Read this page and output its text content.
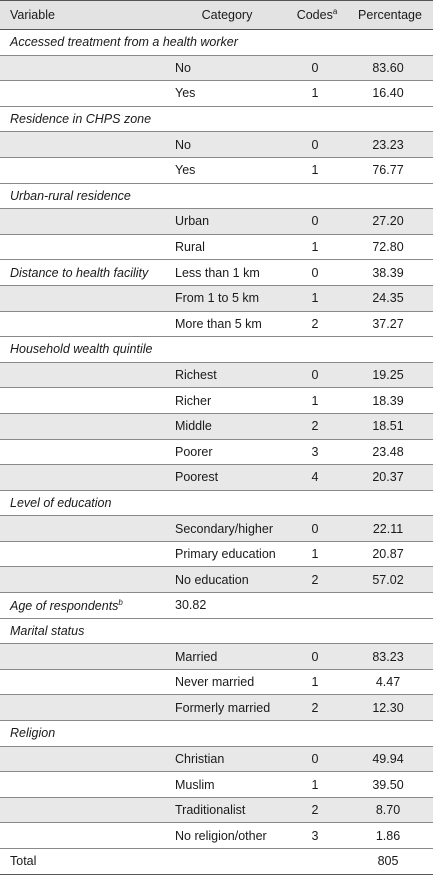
Variable	Category	Codes$^a$	Percentage
Accessed treatment from a health worker			
	No	0	83.60
	Yes	1	16.40
Residence in CHPS zone			
	No	0	23.23
	Yes	1	76.77
Urban-rural residence			
	Urban	0	27.20
	Rural	1	72.80
Distance to health facility	Less than 1 km	0	38.39
	From 1 to 5 km	1	24.35
	More than 5 km	2	37.27
Household wealth quintile			
	Richest	0	19.25
	Richer	1	18.39
	Middle	2	18.51
	Poorer	3	23.48
	Poorest	4	20.37
Level of education			
	Secondary/higher	0	22.11
	Primary education	1	20.87
	No education	2	57.02
Age of respondents$^b$	30.82		
Marital status			
	Married	0	83.23
	Never married	1	4.47
	Formerly married	2	12.30
Religion			
	Christian	0	49.94
	Muslim	1	39.50
	Traditionalist	2	8.70
	No religion/other	3	1.86
Total			805
